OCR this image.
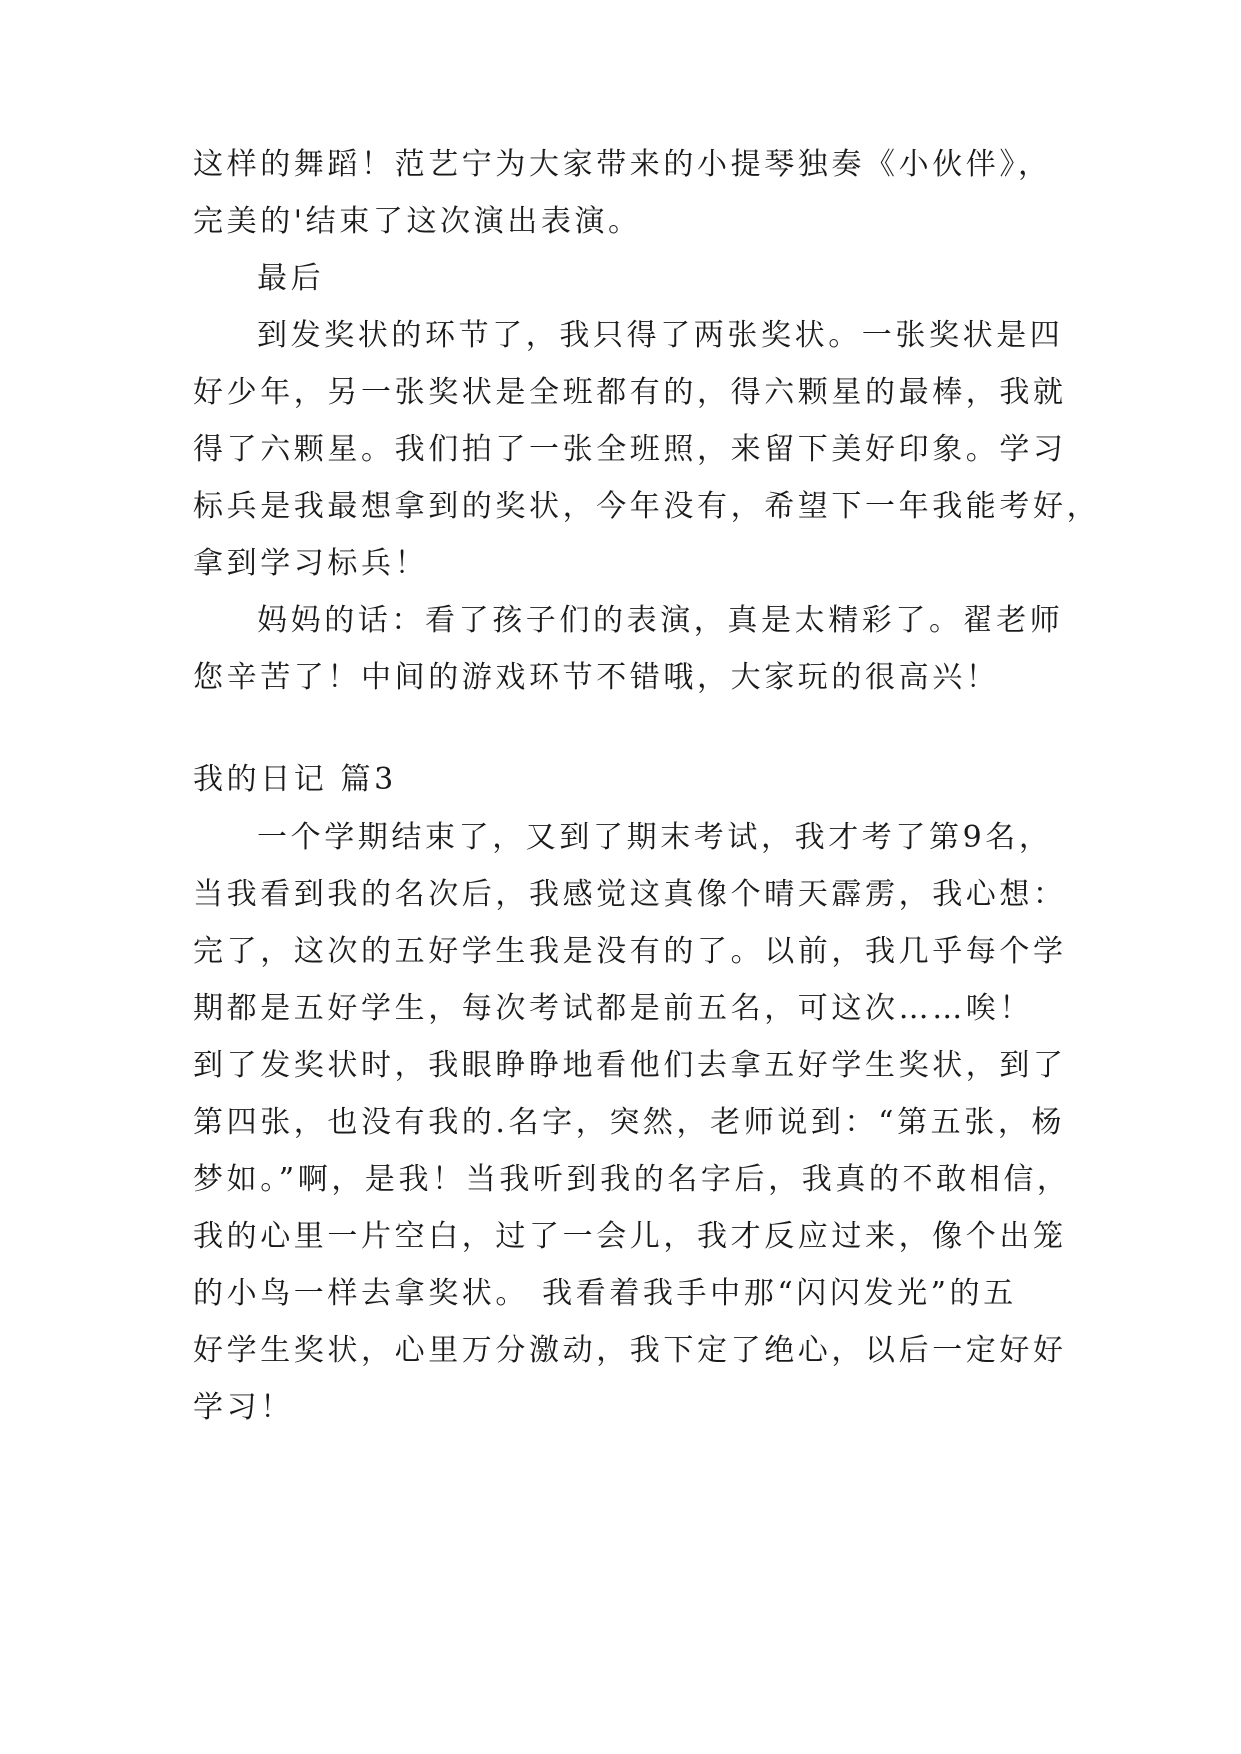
这样的舞蹈！范艺宁为大家带来的小提琴独奏《小伙伴》，
完美的'结束了这次演出表演。
最后
到发奖状的环节了，我只得了两张奖状。一张奖状是四
好少年，另一张奖状是全班都有的，得六颗星的最棒，我就
得了六颗星。我们拍了一张全班照，来留下美好印象。学习
标兵是我最想拿到的奖状，今年没有，希望下一年我能考好，
拿到学习标兵！
妈妈的话：看了孩子们的表演，真是太精彩了。翟老师
您辛苦了！中间的游戏环节不错哦，大家玩的很高兴！
我的日记 篇3
一个学期结束了，又到了期末考试，我才考了第9名，
当我看到我的名次后，我感觉这真像个晴天霹雳，我心想：
完了，这次的五好学生我是没有的了。以前，我几乎每个学
期都是五好学生，每次考试都是前五名，可这次……唉！
到了发奖状时，我眼睁睁地看他们去拿五好学生奖状，到了
第四张，也没有我的.名字，突然，老师说到：“第五张，杨
梦如。”啊，是我！当我听到我的名字后，我真的不敢相信，
我的心里一片空白，过了一会儿，我才反应过来，像个出笼
的小鸟一样去拿奖状。 我看着我手中那“闪闪发光”的五
好学生奖状，心里万分激动，我下定了绝心，以后一定好好
学习！
